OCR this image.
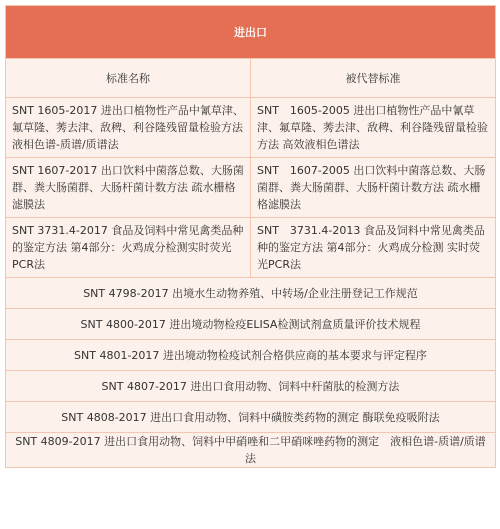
进出口	
标准名称	被代替标准
SNT 1605-2017 进出口植物性产品中氰草津、氟草隆、莠去津、敌稗、利谷隆残留量检验方法 液相色谱-质谱/质谱法	SNT　1605-2005 进出口植物性产品中氰草津、氟草隆、莠去津、敌稗、利谷隆残留量检验方法 高效液相色谱法
SNT 1607-2017 出口饮料中菌落总数、大肠菌群、粪大肠菌群、大肠杆菌计数方法 疏水栅格滤膜法	SNT　1607-2005 出口饮料中菌落总数、大肠菌群、粪大肠菌群、大肠杆菌计数方法 疏水栅格滤膜法
SNT 3731.4-2017 食品及饲料中常见禽类品种的鉴定方法 第4部分：火鸡成分检测实时荧光PCR法	SNT　3731.4-2013 食品及饲料中常见禽类品种的鉴定方法 第4部分：火鸡成分检测 实时荧光PCR法
SNT 4798-2017 出境水生动物养殖、中转场/企业注册登记工作规范	
SNT 4800-2017 进出境动物检疫ELISA检测试剂盒质量评价技术规程	
SNT 4801-2017 进出境动物检疫试剂合格供应商的基本要求与评定程序	
SNT 4807-2017 进出口食用动物、饲料中杆菌肽的检测方法	
SNT 4808-2017 进出口食用动物、饲料中磺胺类药物的测定 酶联免疫吸附法	
SNT 4809-2017 进出口食用动物、饲料中甲硝唑和二甲硝咪唑药物的测定　液相色谱-质谱/质谱法	
